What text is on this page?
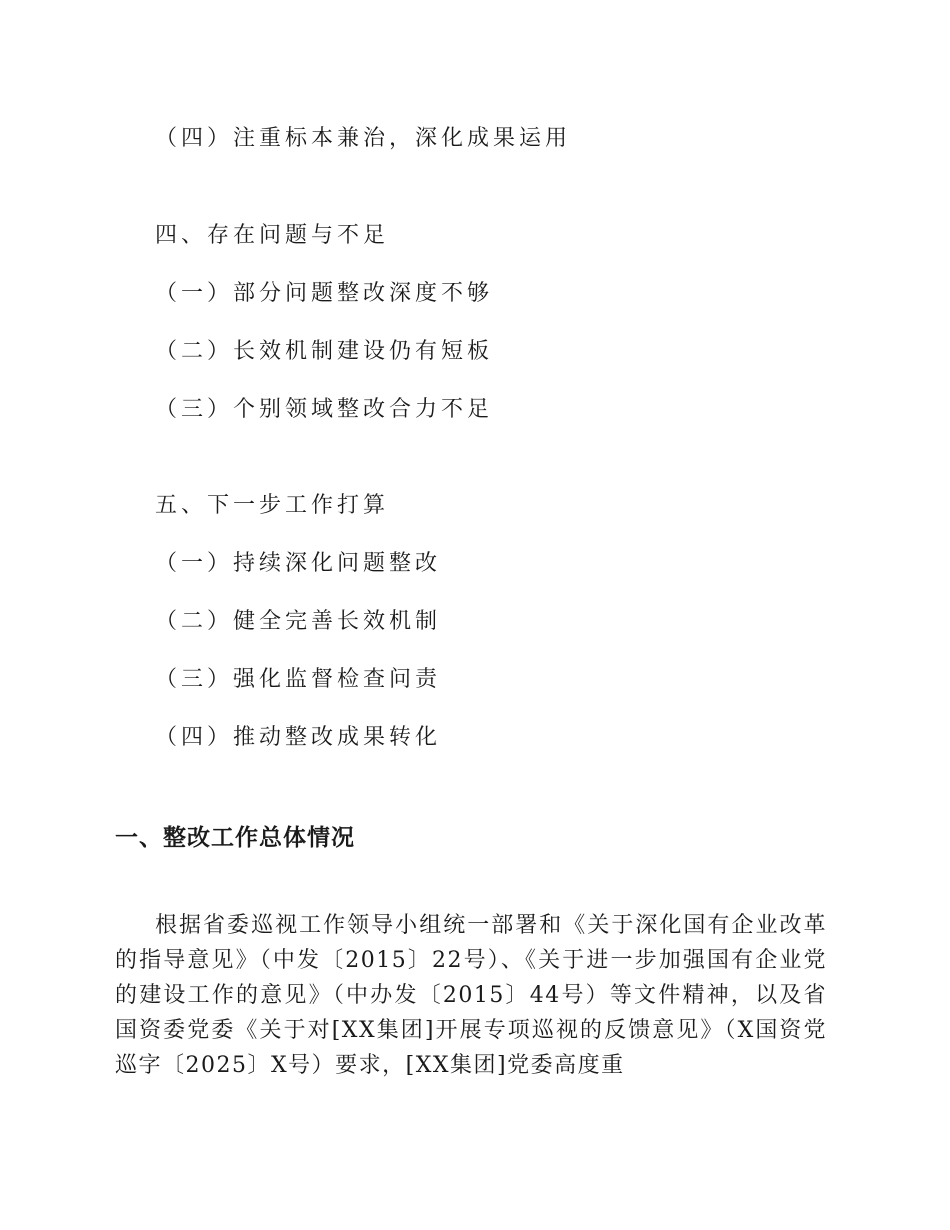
（四）注重标本兼治，深化成果运用
四、存在问题与不足
（一）部分问题整改深度不够
（二）长效机制建设仍有短板
（三）个别领域整改合力不足
五、下一步工作打算
（一）持续深化问题整改
（二）健全完善长效机制
（三）强化监督检查问责
（四）推动整改成果转化
一、整改工作总体情况
根据省委巡视工作领导小组统一部署和《关于深化国有企业改革的指导意见》（中发〔2015〕22号）、《关于进一步加强国有企业党的建设工作的意见》（中办发〔2015〕44号）等文件精神，以及省国资委党委《关于对[XX集团]开展专项巡视的反馈意见》（X国资党巡字〔2025〕X号）要求，[XX集团]党委高度重
